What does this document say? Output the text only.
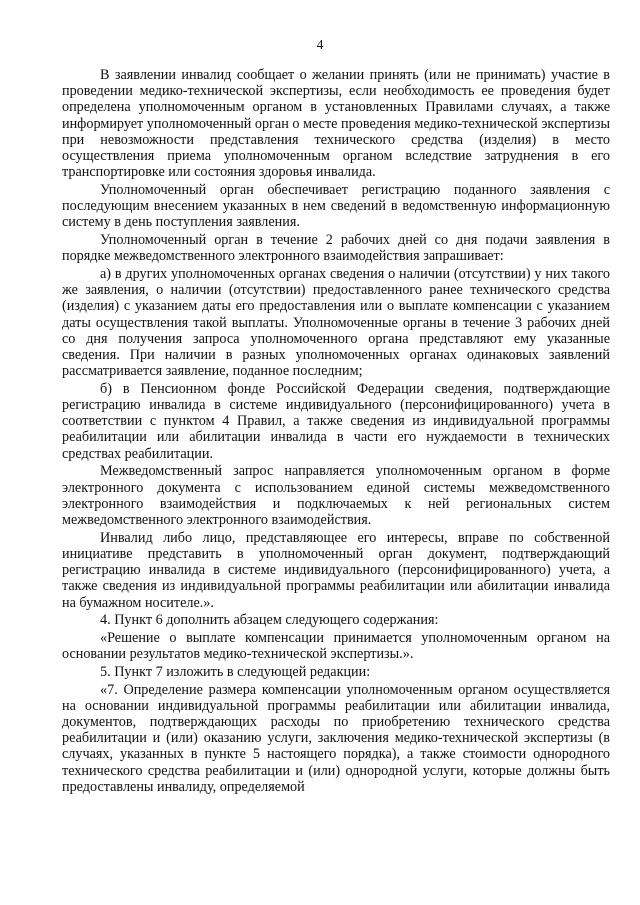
4

В заявлении инвалид сообщает о желании принять (или не принимать) участие в проведении медико-технической экспертизы, если необходимость ее проведения будет определена уполномоченным органом в установленных Правилами случаях, а также информирует уполномоченный орган о месте проведения медико-технической экспертизы при невозможности представления технического средства (изделия) в место осуществления приема уполномоченным органом вследствие затруднения в его транспортировке или состояния здоровья инвалида.

Уполномоченный орган обеспечивает регистрацию поданного заявления с последующим внесением указанных в нем сведений в ведомственную информационную систему в день поступления заявления.

Уполномоченный орган в течение 2 рабочих дней со дня подачи заявления в порядке межведомственного электронного взаимодействия запрашивает:

а) в других уполномоченных органах сведения о наличии (отсутствии) у них такого же заявления, о наличии (отсутствии) предоставленного ранее технического средства (изделия) с указанием даты его предоставления или о выплате компенсации с указанием даты осуществления такой выплаты. Уполномоченные органы в течение 3 рабочих дней со дня получения запроса уполномоченного органа представляют ему указанные сведения. При наличии в разных уполномоченных органах одинаковых заявлений рассматривается заявление, поданное последним;

б) в Пенсионном фонде Российской Федерации сведения, подтверждающие регистрацию инвалида в системе индивидуального (персонифицированного) учета в соответствии с пунктом 4 Правил, а также сведения из индивидуальной программы реабилитации или абилитации инвалида в части его нуждаемости в технических средствах реабилитации.

Межведомственный запрос направляется уполномоченным органом в форме электронного документа с использованием единой системы межведомственного электронного взаимодействия и подключаемых к ней региональных систем межведомственного электронного взаимодействия.

Инвалид либо лицо, представляющее его интересы, вправе по собственной инициативе представить в уполномоченный орган документ, подтверждающий регистрацию инвалида в системе индивидуального (персонифицированного) учета, а также сведения из индивидуальной программы реабилитации или абилитации инвалида на бумажном носителе.».

4. Пункт 6 дополнить абзацем следующего содержания:

«Решение о выплате компенсации принимается уполномоченным органом на основании результатов медико-технической экспертизы.».

5. Пункт 7 изложить в следующей редакции:

«7. Определение размера компенсации уполномоченным органом осуществляется на основании индивидуальной программы реабилитации или абилитации инвалида, документов, подтверждающих расходы по приобретению технического средства реабилитации и (или) оказанию услуги, заключения медико-технической экспертизы (в случаях, указанных в пункте 5 настоящего порядка), а также стоимости однородного технического средства реабилитации и (или) однородной услуги, которые должны быть предоставлены инвалиду, определяемой
